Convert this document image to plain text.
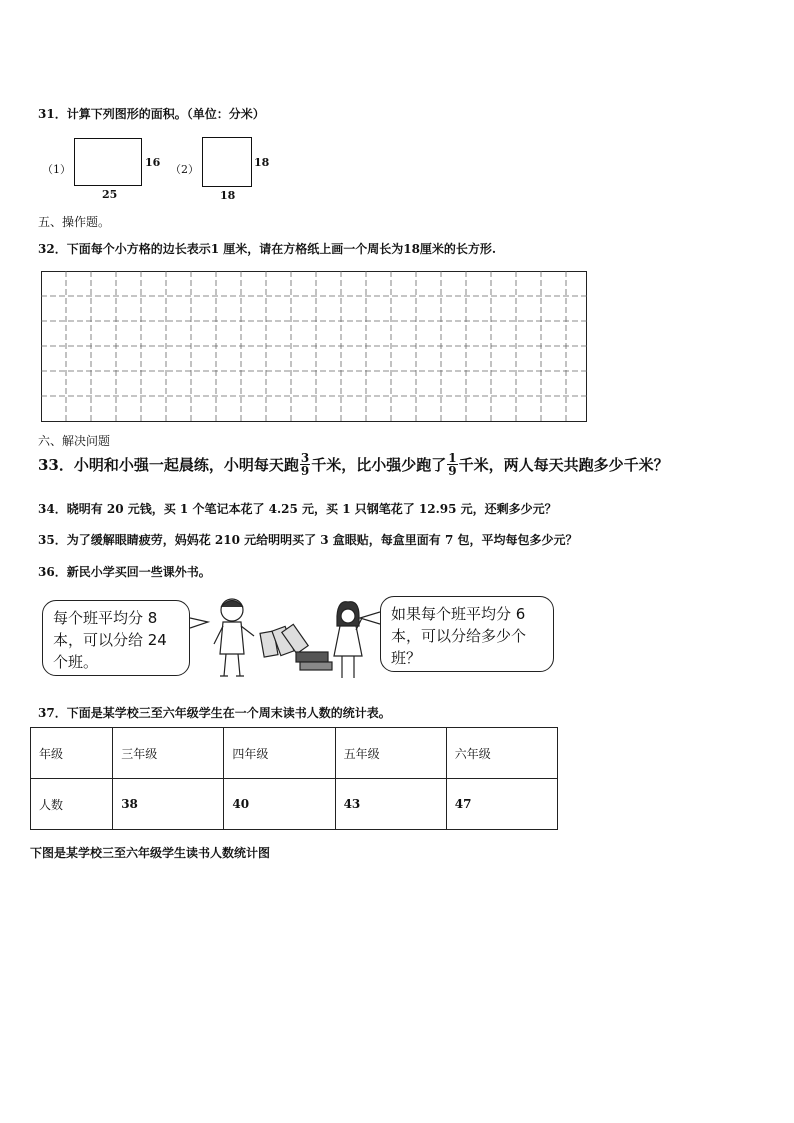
31．计算下列图形的面积。（单位：分米）
（1）
16
25
（2）
18
18
五、操作题。
32．下面每个小方格的边长表示1 厘米，请在方格纸上画一个周长为18厘米的长方形.
六、解决问题
33．小明和小强一起晨练，小明每天跑 $\frac{3}{9}$ 千米，比小强少跑了 $\frac{1}{9}$ 千米，两人每天共跑多少千米？
34．晓明有 20 元钱，买 1 个笔记本花了 4.25 元，买 1 只钢笔花了 12.95 元，还剩多少元？
35．为了缓解眼睛疲劳，妈妈花 210 元给明明买了 3 盒眼贴，每盒里面有 7 包，平均每包多少元？
36．新民小学买回一些课外书。
每个班平均分 8 本，可以分给 24 个班。
如果每个班平均分 6 本，可以分给多少个班？
37．下面是某学校三至六年级学生在一个周末读书人数的统计表。
年级	三年级	四年级	五年级	六年级
人数	38	40	43	47
下图是某学校三至六年级学生读书人数统计图
